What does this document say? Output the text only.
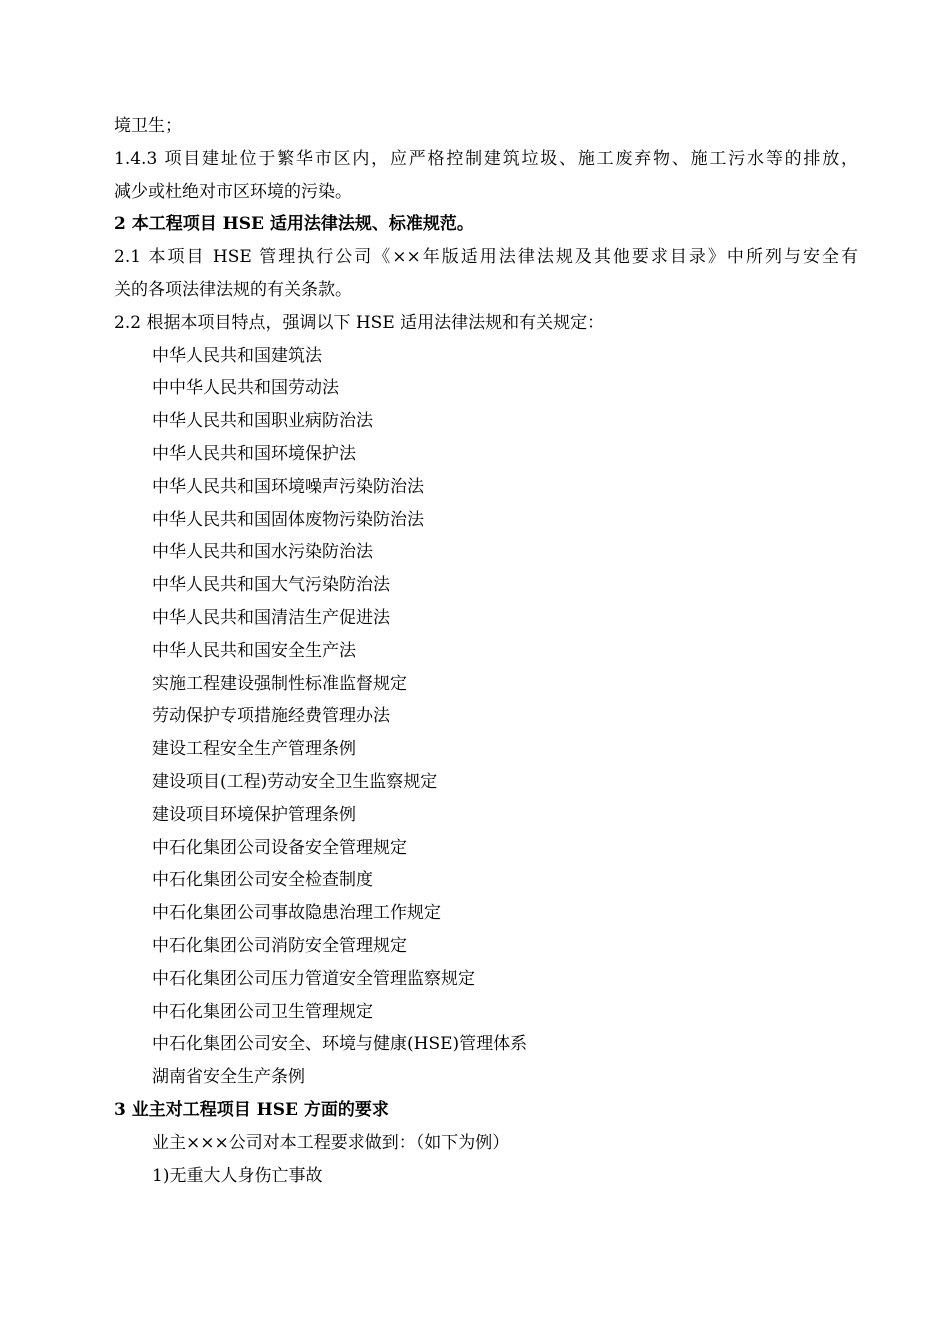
境卫生；
1.4.3 项目建址位于繁华市区内，应严格控制建筑垃圾、施工废弃物、施工污水等的排放，
减少或杜绝对市区环境的污染。
2 本工程项目 HSE 适用法律法规、标准规范。
2.1 本项目 HSE 管理执行公司《××年版适用法律法规及其他要求目录》中所列与安全有
关的各项法律法规的有关条款。
2.2 根据本项目特点，强调以下 HSE 适用法律法规和有关规定：
中华人民共和国建筑法
中中华人民共和国劳动法
中华人民共和国职业病防治法
中华人民共和国环境保护法
中华人民共和国环境噪声污染防治法
中华人民共和国固体废物污染防治法
中华人民共和国水污染防治法
中华人民共和国大气污染防治法
中华人民共和国清洁生产促进法
中华人民共和国安全生产法
实施工程建设强制性标准监督规定
劳动保护专项措施经费管理办法
建设工程安全生产管理条例
建设项目(工程)劳动安全卫生监察规定
建设项目环境保护管理条例
中石化集团公司设备安全管理规定
中石化集团公司安全检查制度
中石化集团公司事故隐患治理工作规定
中石化集团公司消防安全管理规定
中石化集团公司压力管道安全管理监察规定
中石化集团公司卫生管理规定
中石化集团公司安全、环境与健康(HSE)管理体系
湖南省安全生产条例
3 业主对工程项目 HSE 方面的要求
业主×××公司对本工程要求做到：（如下为例）
1)无重大人身伤亡事故
